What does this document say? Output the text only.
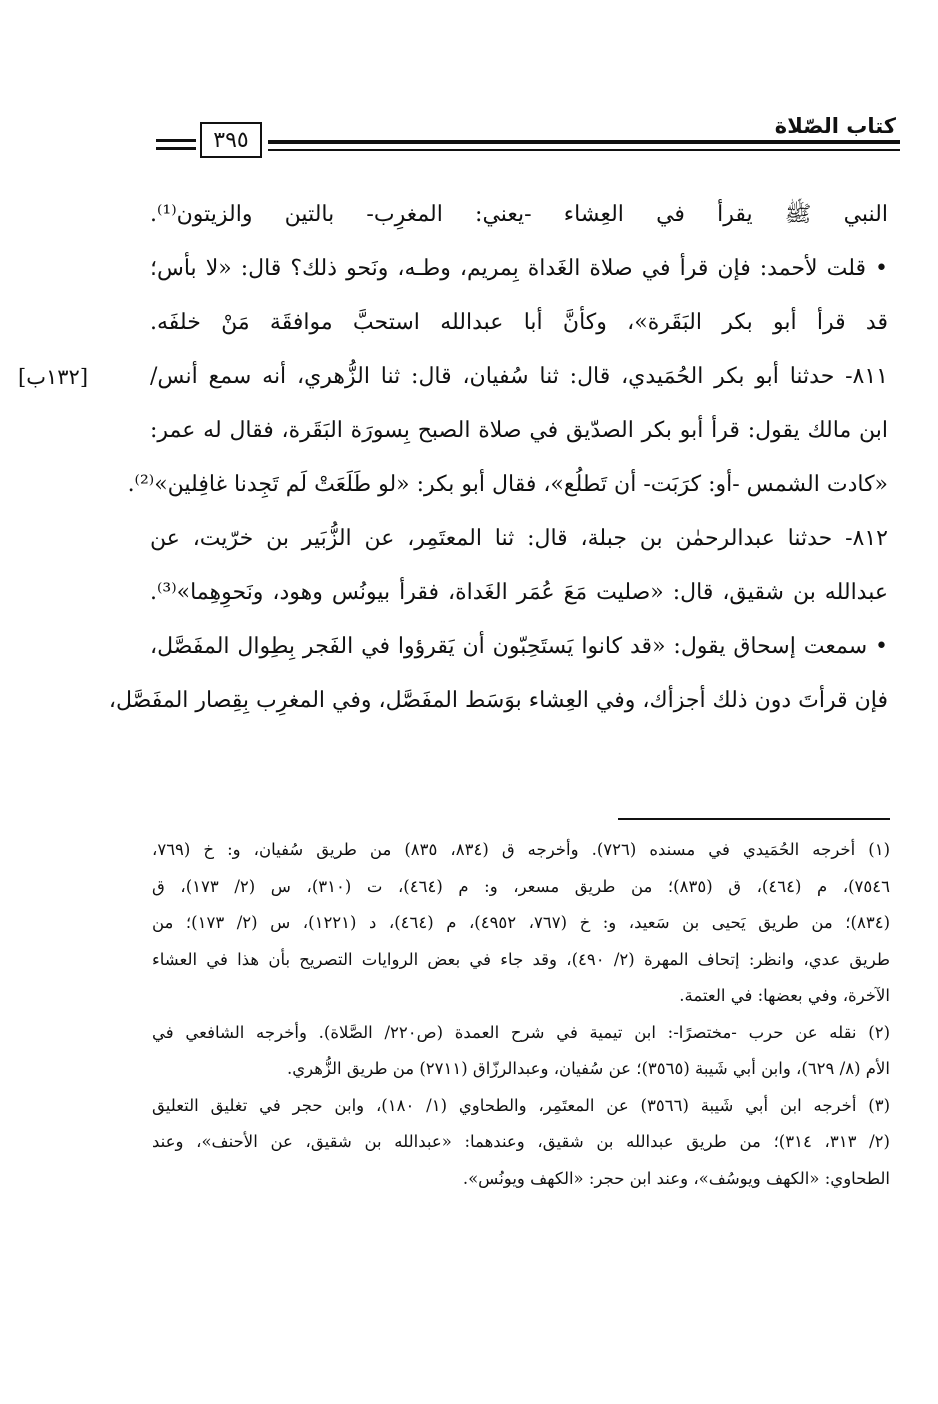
كتاب الصّلاة
٣٩٥
النبي ﷺ يقرأ في العِشاء -يعني: المغرِب- بالتين والزيتون⁽¹⁾.
• قلت لأحمد: فإن قرأ في صلاة الغَداة بِمريم، وطـه، ونَحو ذلك؟ قال: «لا بأس؛
قد قرأ أبو بكر البَقَرة»، وكأنَّ أبا عبدالله استحبَّ موافقَة مَنْ خلفَه.
٨١١- حدثنا أبو بكر الحُمَيدي، قال: ثنا سُفيان، قال: ثنا الزُّهري، أنه سمع أنس/
ابن مالك يقول: قرأ أبو بكر الصدّيق في صلاة الصبح بِسورَة البَقَرة، فقال له عمر:
«كادت الشمس -أو: كرَبَت- أن تَطلُع»، فقال أبو بكر: «لو طَلَعَتْ لَم تَجِدنا غافِلين»⁽²⁾.
٨١٢- حدثنا عبدالرحمٰن بن جبلة، قال: ثنا المعتَمِر، عن الزُّبَير بن خرّيت، عن
عبدالله بن شقيق، قال: «صليت مَعَ عُمَر الغَداة، فقرأ بيونُس وهود، ونَحوِهِما»⁽³⁾.
• سمعت إسحاق يقول: «قد كانوا يَستَحِبّون أن يَقرؤوا في الفَجر بِطِوال المفَصَّل،
فإن قرأتَ دون ذلك أجزأك، وفي العِشاء بوَسَط المفَصَّل، وفي المغرِب بِقِصار المفَصَّل،
[١٣٢ب]
(١) أخرجه الحُمَيدي في مسنده (٧٢٦). وأخرجه ق (٨٣٤، ٨٣٥) من طريق سُفيان، و: خ (٧٦٩،
٧٥٤٦)، م (٤٦٤)، ق (٨٣٥)؛ من طريق مسعر، و: م (٤٦٤)، ت (٣١٠)، س (٢/ ١٧٣)، ق
(٨٣٤)؛ من طريق يَحيى بن سَعيد، و: خ (٧٦٧، ٤٩٥٢)، م (٤٦٤)، د (١٢٢١)، س (٢/ ١٧٣)؛ من
طريق عدي، وانظر: إتحاف المهرة (٢/ ٤٩٠)، وقد جاء في بعض الروايات التصريح بأن هذا في العشاء
الآخرة، وفي بعضها: في العتمة.
(٢) نقله عن حرب -مختصرًا-: ابن تيمية في شرح العمدة (ص٢٢٠/ الصَّلاة). وأخرجه الشافعي في
الأم (٨/ ٦٢٩)، وابن أبي شَيبة (٣٥٦٥)؛ عن سُفيان، وعبدالرزّاق (٢٧١١) من طريق الزُّهري.
(٣) أخرجه ابن أبي شَيبة (٣٥٦٦) عن المعتَمِر، والطحاوي (١/ ١٨٠)، وابن حجر في تغليق التعليق
(٢/ ٣١٣، ٣١٤)؛ من طريق عبدالله بن شقيق، وعندهما: «عبدالله بن شقيق، عن الأحنف»، وعند
الطحاوي: «الكهف ويوسُف»، وعند ابن حجر: «الكهف ويونُس».
